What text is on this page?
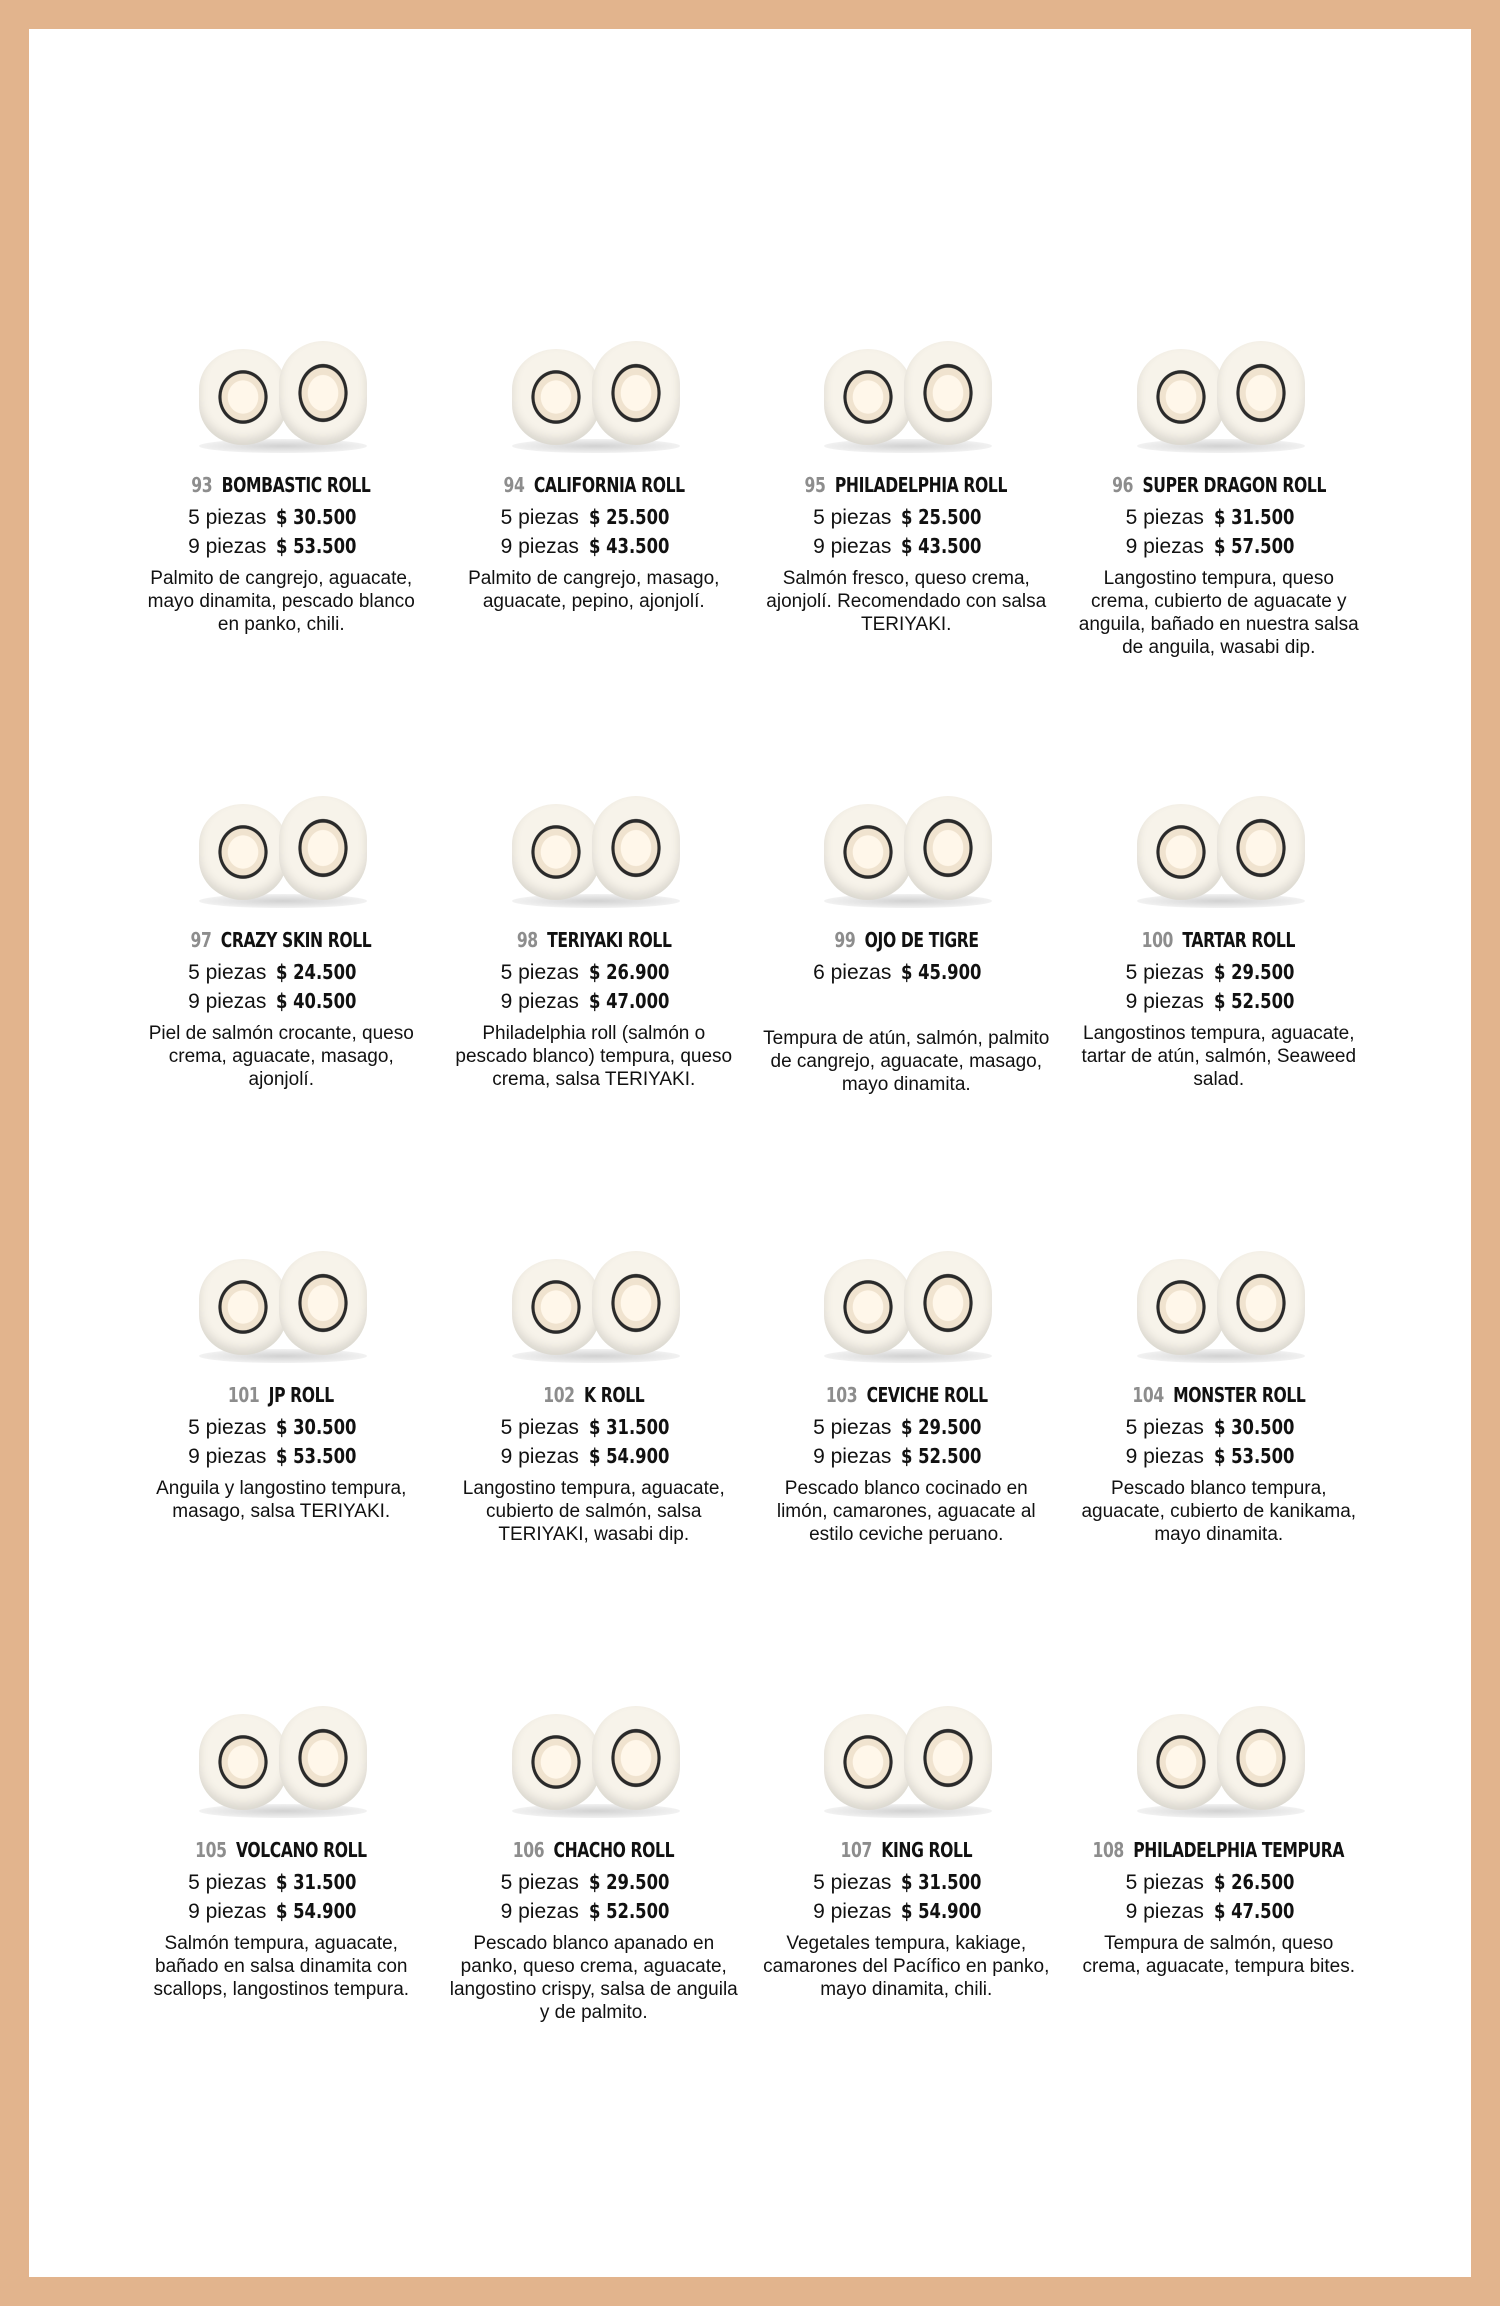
93 BOMBASTIC ROLL
5 piezas $ 30.500
9 piezas $ 53.500
Palmito de cangrejo, aguacate, mayo dinamita, pescado blanco en panko, chili.
94 CALIFORNIA ROLL
5 piezas $ 25.500
9 piezas $ 43.500
Palmito de cangrejo, masago, aguacate, pepino, ajonjolí.
95 PHILADELPHIA ROLL
5 piezas $ 25.500
9 piezas $ 43.500
Salmón fresco, queso crema, ajonjolí. Recomendado con salsa TERIYAKI.
96 SUPER DRAGON ROLL
5 piezas $ 31.500
9 piezas $ 57.500
Langostino tempura, queso crema, cubierto de aguacate y anguila, bañado en nuestra salsa de anguila, wasabi dip.
97 CRAZY SKIN ROLL
5 piezas $ 24.500
9 piezas $ 40.500
Piel de salmón crocante, queso crema, aguacate, masago, ajonjolí.
98 TERIYAKI ROLL
5 piezas $ 26.900
9 piezas $ 47.000
Philadelphia roll (salmón o pescado blanco) tempura, queso crema, salsa TERIYAKI.
99 OJO DE TIGRE
6 piezas $ 45.900
Tempura de atún, salmón, palmito de cangrejo, aguacate, masago, mayo dinamita.
100 TARTAR ROLL
5 piezas $ 29.500
9 piezas $ 52.500
Langostinos tempura, aguacate, tartar de atún, salmón, Seaweed salad.
101 JP ROLL
5 piezas $ 30.500
9 piezas $ 53.500
Anguila y langostino tempura, masago, salsa TERIYAKI.
102 K ROLL
5 piezas $ 31.500
9 piezas $ 54.900
Langostino tempura, aguacate, cubierto de salmón, salsa TERIYAKI, wasabi dip.
103 CEVICHE ROLL
5 piezas $ 29.500
9 piezas $ 52.500
Pescado blanco cocinado en limón, camarones, aguacate al estilo ceviche peruano.
104 MONSTER ROLL
5 piezas $ 30.500
9 piezas $ 53.500
Pescado blanco tempura, aguacate, cubierto de kanikama, mayo dinamita.
105 VOLCANO ROLL
5 piezas $ 31.500
9 piezas $ 54.900
Salmón tempura, aguacate, bañado en salsa dinamita con scallops, langostinos tempura.
106 CHACHO ROLL
5 piezas $ 29.500
9 piezas $ 52.500
Pescado blanco apanado en panko, queso crema, aguacate, langostino crispy, salsa de anguila y de palmito.
107 KING ROLL
5 piezas $ 31.500
9 piezas $ 54.900
Vegetales tempura, kakiage, camarones del Pacífico en panko, mayo dinamita, chili.
108 PHILADELPHIA TEMPURA
5 piezas $ 26.500
9 piezas $ 47.500
Tempura de salmón, queso crema, aguacate, tempura bites.
